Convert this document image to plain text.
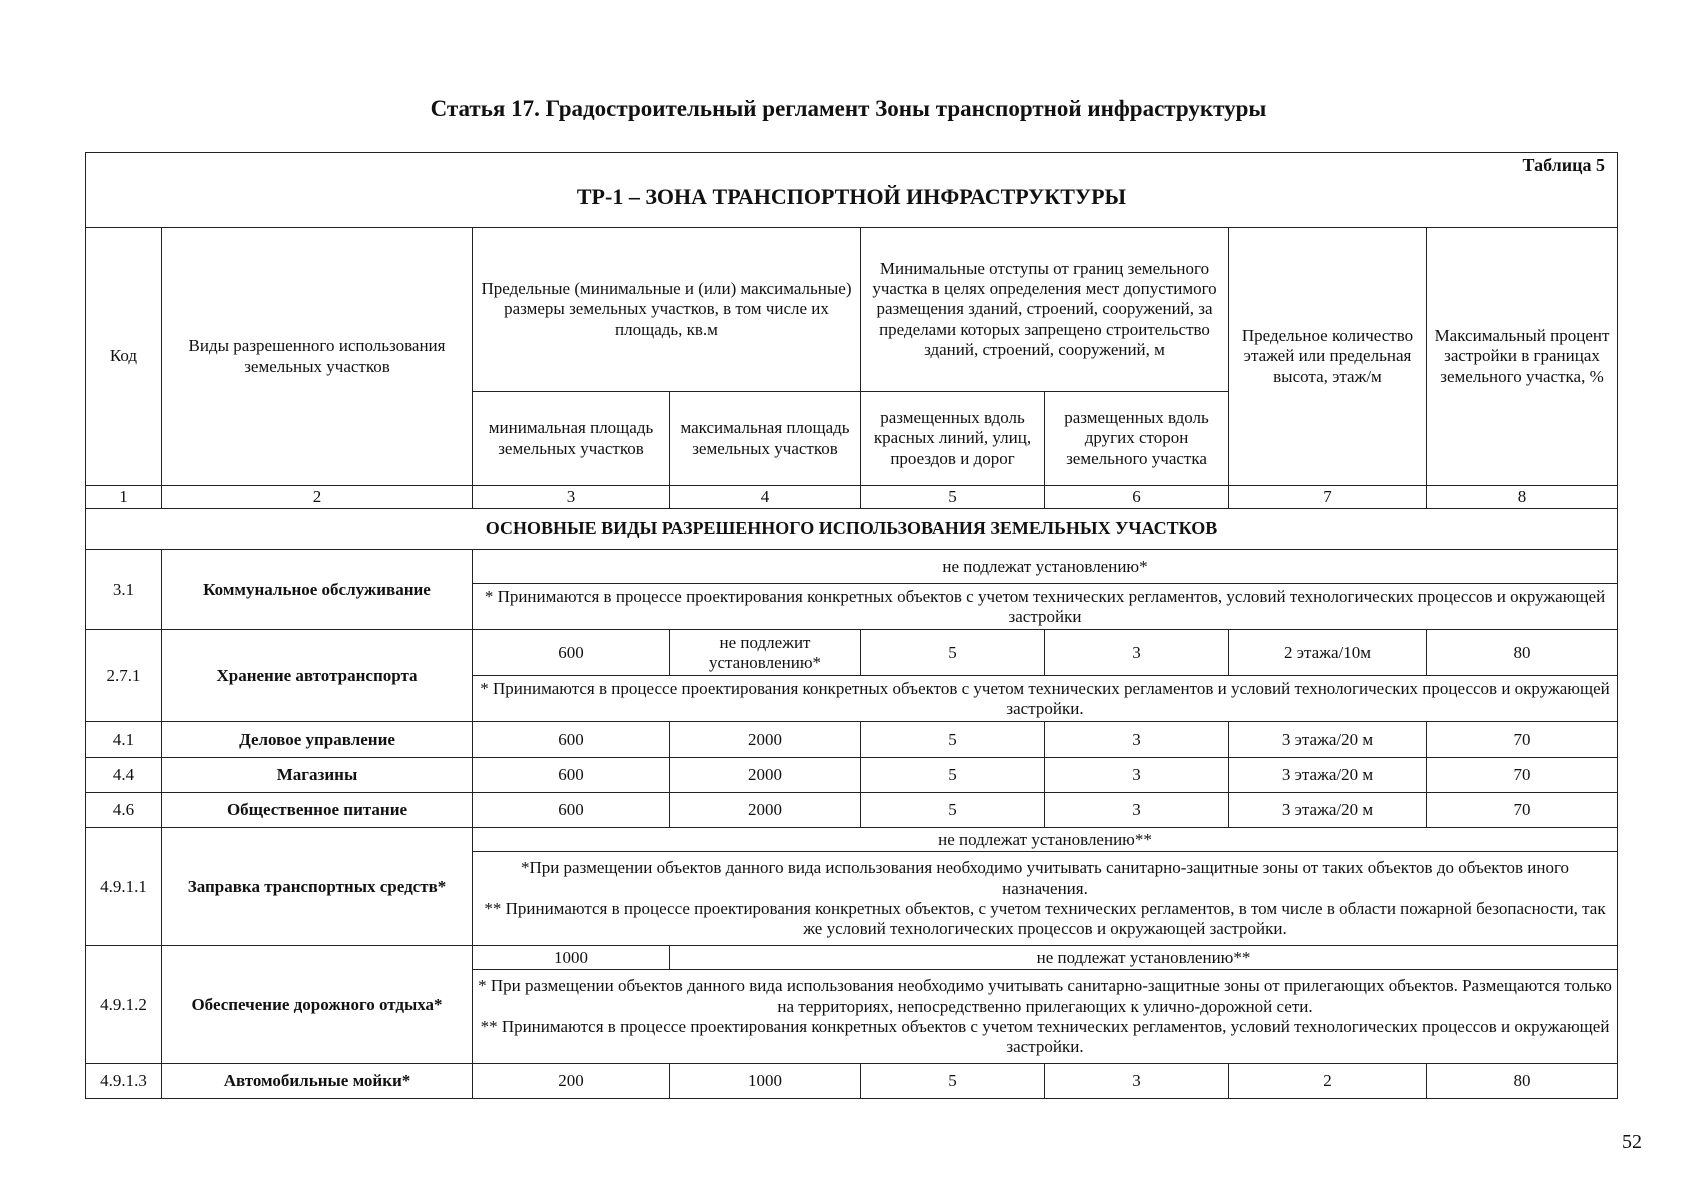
Статья 17. Градостроительный регламент Зоны транспортной инфраструктуры
Таблица 5
ТР-1 – ЗОНА ТРАНСПОРТНОЙ ИНФРАСТРУКТУРЫ							

Код	Виды разрешенного использования земельных участков	Предельные (минимальные и (или) максимальные) размеры земельных участков, в том числе их площадь, кв.м		Минимальные отступы от границ земельного участка в целях определения мест допустимого размещения зданий, строений, сооружений, за пределами которых запрещено строительство зданий, строений, сооружений, м		Предельное количество этажей или предельная высота, этаж/м	Максимальный процент застройки в границах земельного участка, %
		минимальная площадь земельных участков	максимальная площадь земельных участков	размещенных вдоль красных линий, улиц, проездов и дорог	размещенных вдоль других сторон земельного участка		
1	2	3	4	5	6	7	8
ОСНОВНЫЕ ВИДЫ РАЗРЕШЕННОГО ИСПОЛЬЗОВАНИЯ ЗЕМЕЛЬНЫХ УЧАСТКОВ							
3.1	Коммунальное обслуживание	не подлежат установлению*					
		* Принимаются в процессе проектирования конкретных объектов с учетом технических регламентов, условий технологических процессов и окружающей застройки					
2.7.1	Хранение автотранспорта	600	не подлежит установлению*	5	3	2 этажа/10м	80
		* Принимаются в процессе проектирования конкретных объектов с учетом технических регламентов и условий технологических процессов и окружающей застройки.					
4.1	Деловое управление	600	2000	5	3	3 этажа/20 м	70
4.4	Магазины	600	2000	5	3	3 этажа/20 м	70
4.6	Общественное питание	600	2000	5	3	3 этажа/20 м	70
4.9.1.1	Заправка транспортных средств*	не подлежат установлению**					

		*При размещении объектов данного вида использования необходимо учитывать санитарно-защитные зоны от таких объектов до объектов иного назначения.
** Принимаются в процессе проектирования конкретных объектов, с учетом технических регламентов, в том числе в области пожарной безопасности, так же условий технологических процессов и окружающей застройки.					

4.9.1.2	Обеспечение дорожного отдыха*	1000	не подлежат установлению**				

		* При размещении объектов данного вида использования необходимо учитывать санитарно-защитные зоны от прилегающих объектов. Размещаются только на территориях, непосредственно прилегающих к улично-дорожной сети.
** Принимаются в процессе проектирования конкретных объектов с учетом технических регламентов, условий технологических процессов и окружающей застройки.					

4.9.1.3	Автомобильные мойки*	200	1000	5	3	2	80
52
